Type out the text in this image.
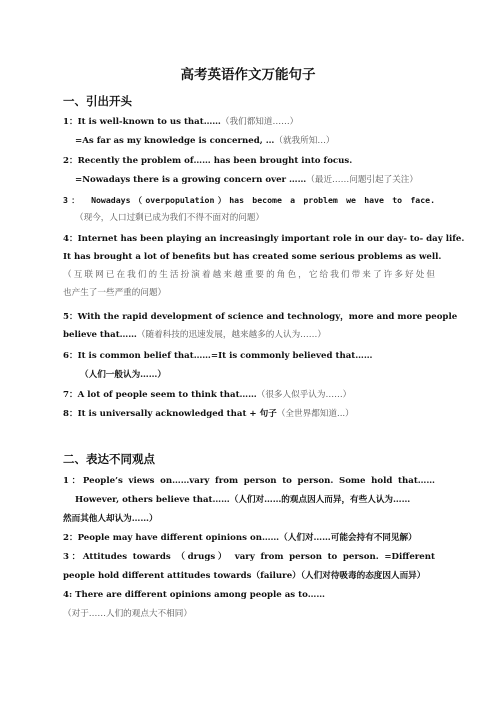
高考英语作文万能句子
一、引出开头
1：It is well-known to us that……（我们都知道……）
=As far as my knowledge is concerned, …（就我所知…）
2：Recently the problem of…… has been brought into focus.
=Nowadays there is a growing concern over ……（最近……问题引起了关注）
3： Nowadays（overpopulation）has become a problem we have to face.
（现今，人口过剩已成为我们不得不面对的问题）
4：Internet has been playing an increasingly important role in our day- to- day life.
It has brought a lot of benefits but has created some serious problems as well.
（互联网已在我们的生活扮演着越来越重要的角色，它给我们带来了许多好处但
也产生了一些严重的问题）
5：With the rapid development of science and technology，more and more people
believe that……（随着科技的迅速发展，越来越多的人认为……）
6：It is common belief that……=It is commonly believed that……
（人们一般认为……）
7：A lot of people seem to think that……（很多人似乎认为……）
8：It is universally acknowledged that + 句子（全世界都知道...）
二、表达不同观点
1：People’s views on……vary from person to person. Some hold that……
However, others believe that……（人们对……的观点因人而异，有些人认为……
然而其他人却认为……）
2：People may have different opinions on……（人们对……可能会持有不同见解）
3：Attitudes towards （drugs） vary from person to person. =Different
people hold different attitudes towards（failure）（人们对待吸毒的态度因人而异）
4: There are different opinions among people as to……
（对于……人们的观点大不相同）
